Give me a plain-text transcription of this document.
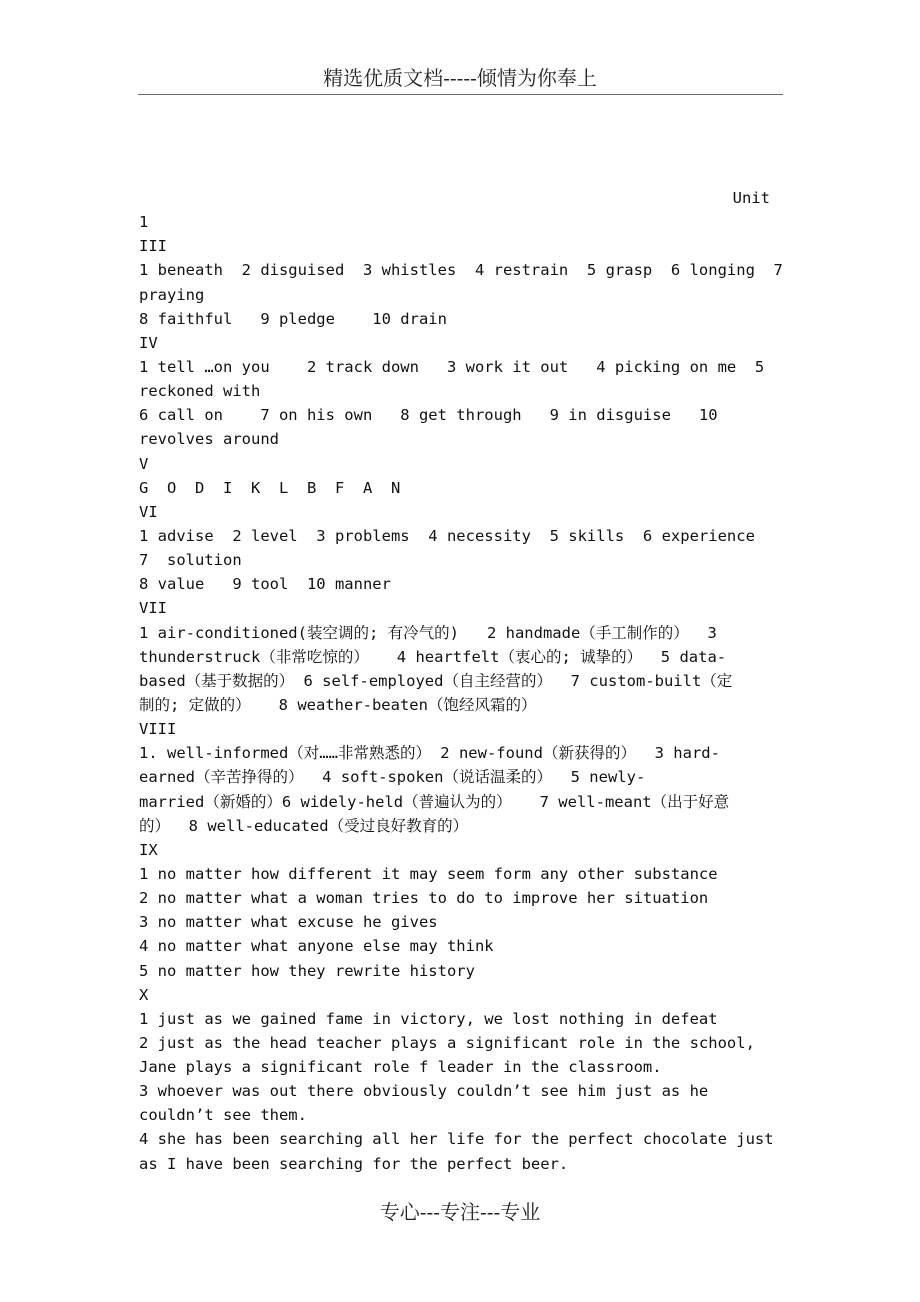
精选优质文档-----倾情为你奉上
Unit
1
III
1 beneath  2 disguised  3 whistles  4 restrain  5 grasp  6 longing  7
praying
8 faithful   9 pledge    10 drain
IV
1 tell …on you    2 track down   3 work it out   4 picking on me  5
reckoned with
6 call on    7 on his own   8 get through   9 in disguise   10
revolves around
V
G  O  D  I  K  L  B  F  A  N
VI
1 advise  2 level  3 problems  4 necessity  5 skills  6 experience
7  solution
8 value   9 tool  10 manner
VII
1 air-conditioned(装空调的; 有冷气的)   2 handmade（手工制作的）  3
thunderstruck（非常吃惊的）   4 heartfelt（衷心的; 诚挚的）  5 data-
based（基于数据的） 6 self-employed（自主经营的）  7 custom-built（定
制的; 定做的）   8 weather-beaten（饱经风霜的）
VIII
1. well-informed（对……非常熟悉的） 2 new-found（新获得的）  3 hard-
earned（辛苦挣得的）  4 soft-spoken（说话温柔的）  5 newly-
married（新婚的）6 widely-held（普遍认为的）   7 well-meant（出于好意
的）  8 well-educated（受过良好教育的）
IX
1 no matter how different it may seem form any other substance
2 no matter what a woman tries to do to improve her situation
3 no matter what excuse he gives
4 no matter what anyone else may think
5 no matter how they rewrite history
X
1 just as we gained fame in victory, we lost nothing in defeat
2 just as the head teacher plays a significant role in the school,
Jane plays a significant role f leader in the classroom.
3 whoever was out there obviously couldn’t see him just as he
couldn’t see them.
4 she has been searching all her life for the perfect chocolate just
as I have been searching for the perfect beer.
专心---专注---专业
